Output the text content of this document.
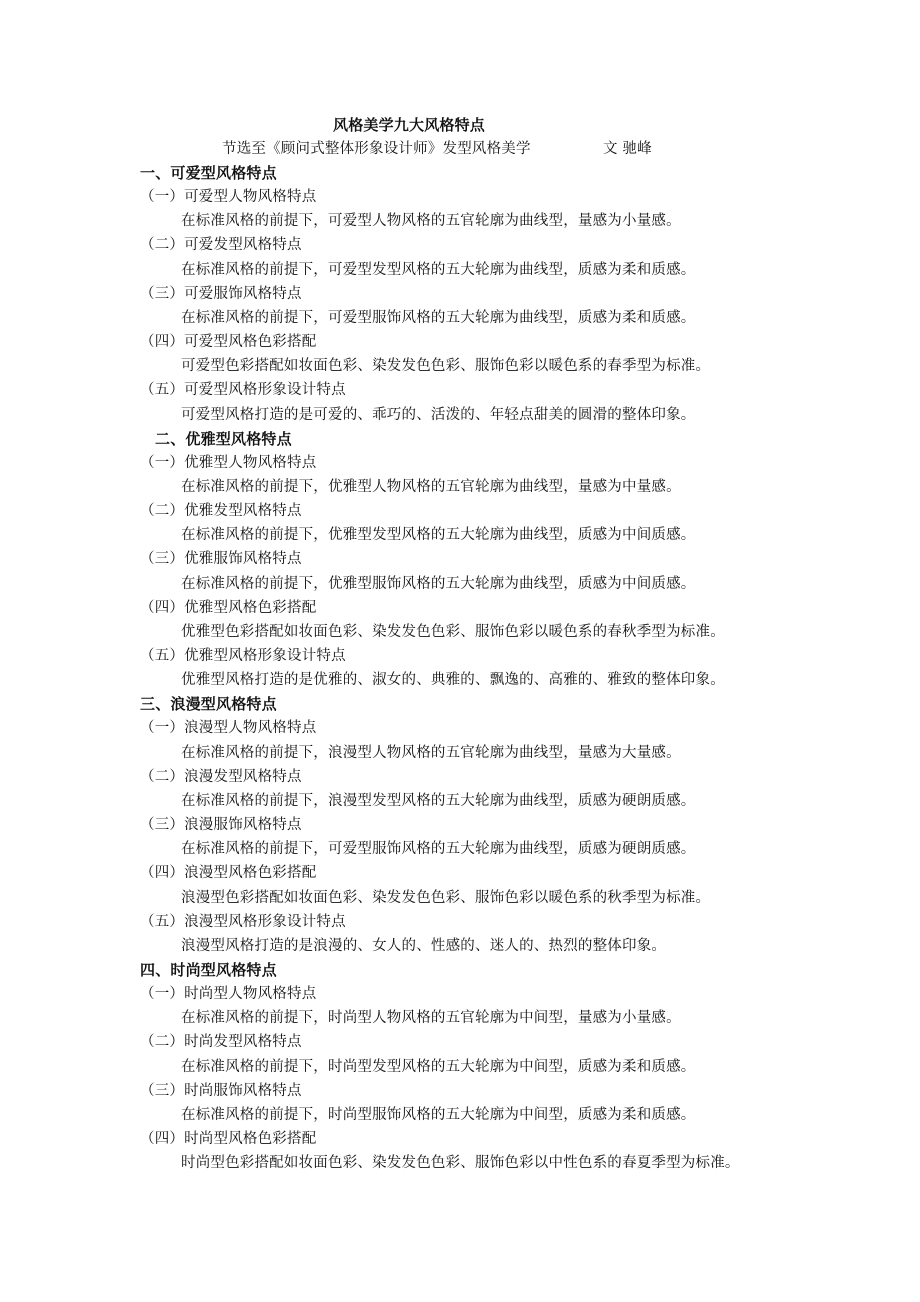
风格美学九大风格特点
节选至《顾问式整体形象设计师》发型风格美学	文 驰峰
一、可爱型风格特点
（一）可爱型人物风格特点
在标准风格的前提下，可爱型人物风格的五官轮廓为曲线型，量感为小量感。
（二）可爱发型风格特点
在标准风格的前提下，可爱型发型风格的五大轮廓为曲线型，质感为柔和质感。
（三）可爱服饰风格特点
在标准风格的前提下，可爱型服饰风格的五大轮廓为曲线型，质感为柔和质感。
（四）可爱型风格色彩搭配
可爱型色彩搭配如妆面色彩、染发发色色彩、服饰色彩以暖色系的春季型为标准。
（五）可爱型风格形象设计特点
可爱型风格打造的是可爱的、乖巧的、活泼的、年轻点甜美的圆滑的整体印象。
二、优雅型风格特点
（一）优雅型人物风格特点
在标准风格的前提下，优雅型人物风格的五官轮廓为曲线型，量感为中量感。
（二）优雅发型风格特点
在标准风格的前提下，优雅型发型风格的五大轮廓为曲线型，质感为中间质感。
（三）优雅服饰风格特点
在标准风格的前提下，优雅型服饰风格的五大轮廓为曲线型，质感为中间质感。
（四）优雅型风格色彩搭配
优雅型色彩搭配如妆面色彩、染发发色色彩、服饰色彩以暖色系的春秋季型为标准。
（五）优雅型风格形象设计特点
优雅型风格打造的是优雅的、淑女的、典雅的、飘逸的、高雅的、雅致的整体印象。
三、浪漫型风格特点
（一）浪漫型人物风格特点
在标准风格的前提下，浪漫型人物风格的五官轮廓为曲线型，量感为大量感。
（二）浪漫发型风格特点
在标准风格的前提下，浪漫型发型风格的五大轮廓为曲线型，质感为硬朗质感。
（三）浪漫服饰风格特点
在标准风格的前提下，可爱型服饰风格的五大轮廓为曲线型，质感为硬朗质感。
（四）浪漫型风格色彩搭配
浪漫型色彩搭配如妆面色彩、染发发色色彩、服饰色彩以暖色系的秋季型为标准。
（五）浪漫型风格形象设计特点
浪漫型风格打造的是浪漫的、女人的、性感的、迷人的、热烈的整体印象。
四、时尚型风格特点
（一）时尚型人物风格特点
在标准风格的前提下，时尚型人物风格的五官轮廓为中间型，量感为小量感。
（二）时尚发型风格特点
在标准风格的前提下，时尚型发型风格的五大轮廓为中间型，质感为柔和质感。
（三）时尚服饰风格特点
在标准风格的前提下，时尚型服饰风格的五大轮廓为中间型，质感为柔和质感。
（四）时尚型风格色彩搭配
时尚型色彩搭配如妆面色彩、染发发色色彩、服饰色彩以中性色系的春夏季型为标准。
